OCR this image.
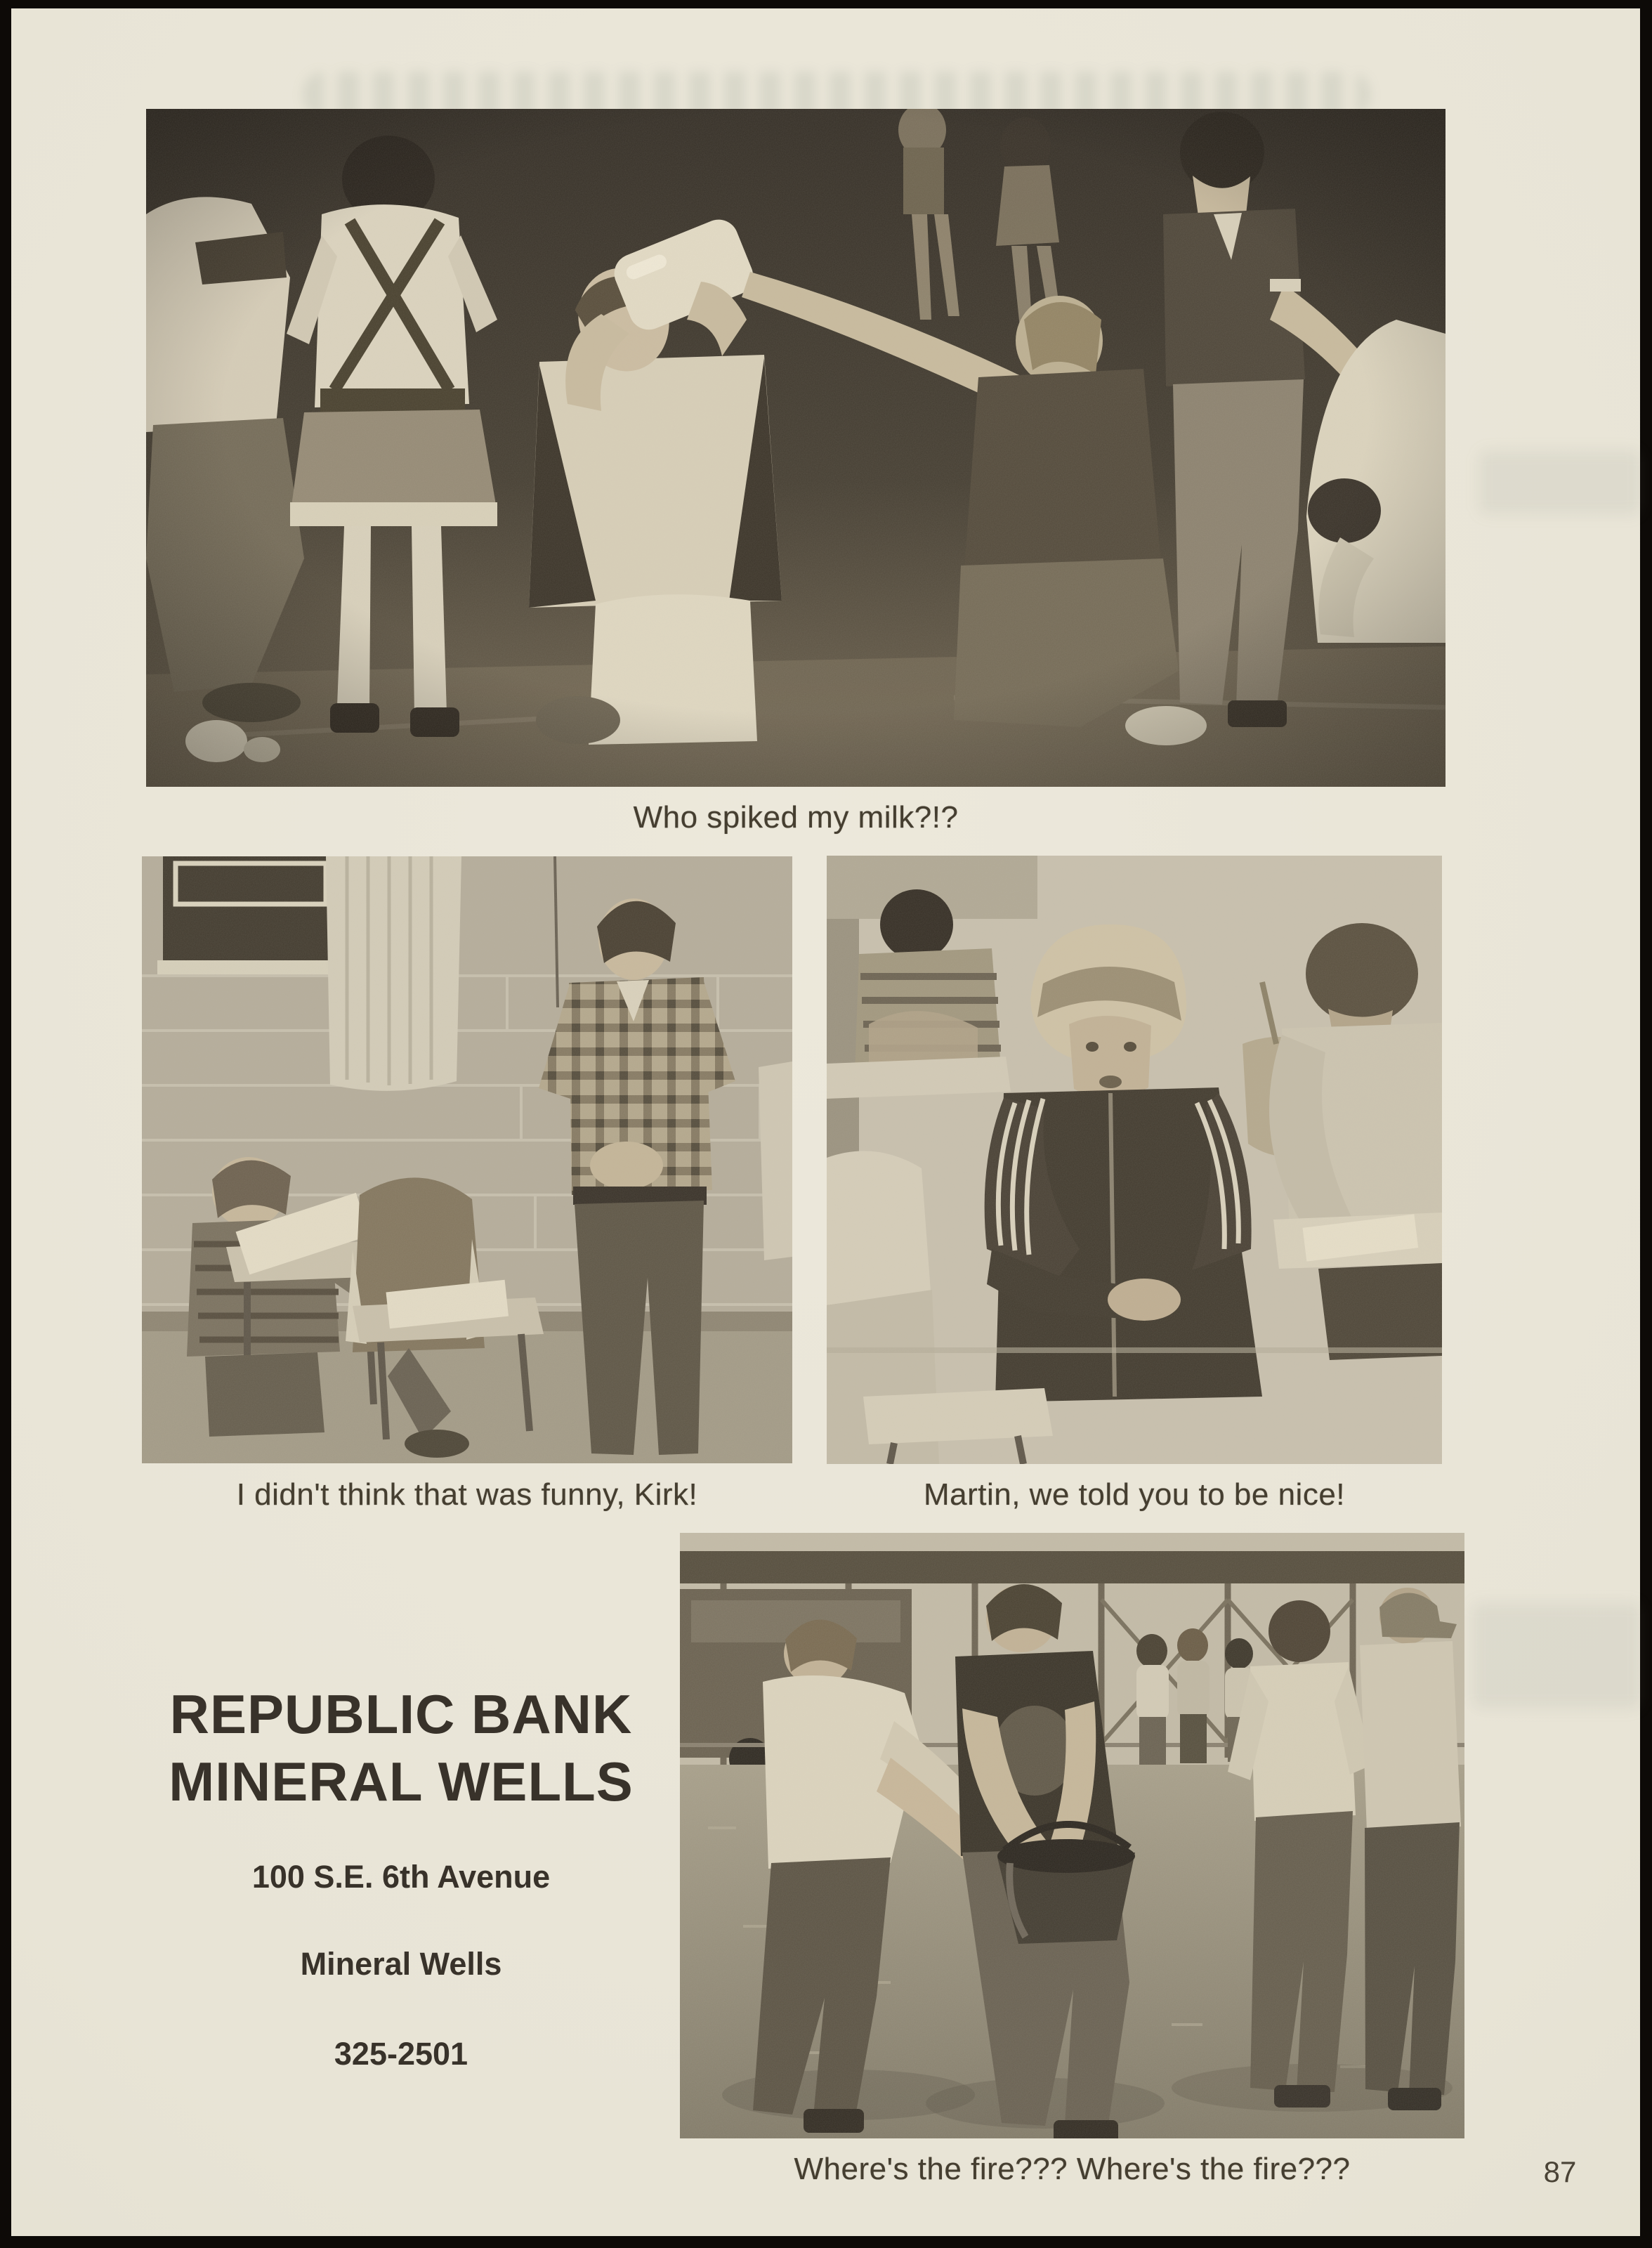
Who spiked my milk?!?
I didn't think that was funny, Kirk!	Martin, we told you to be nice!
REPUBLIC BANK
MINERAL WELLS
100 S.E. 6th Avenue
Mineral Wells
325-2501
Where's the fire??? Where's the fire???	87
